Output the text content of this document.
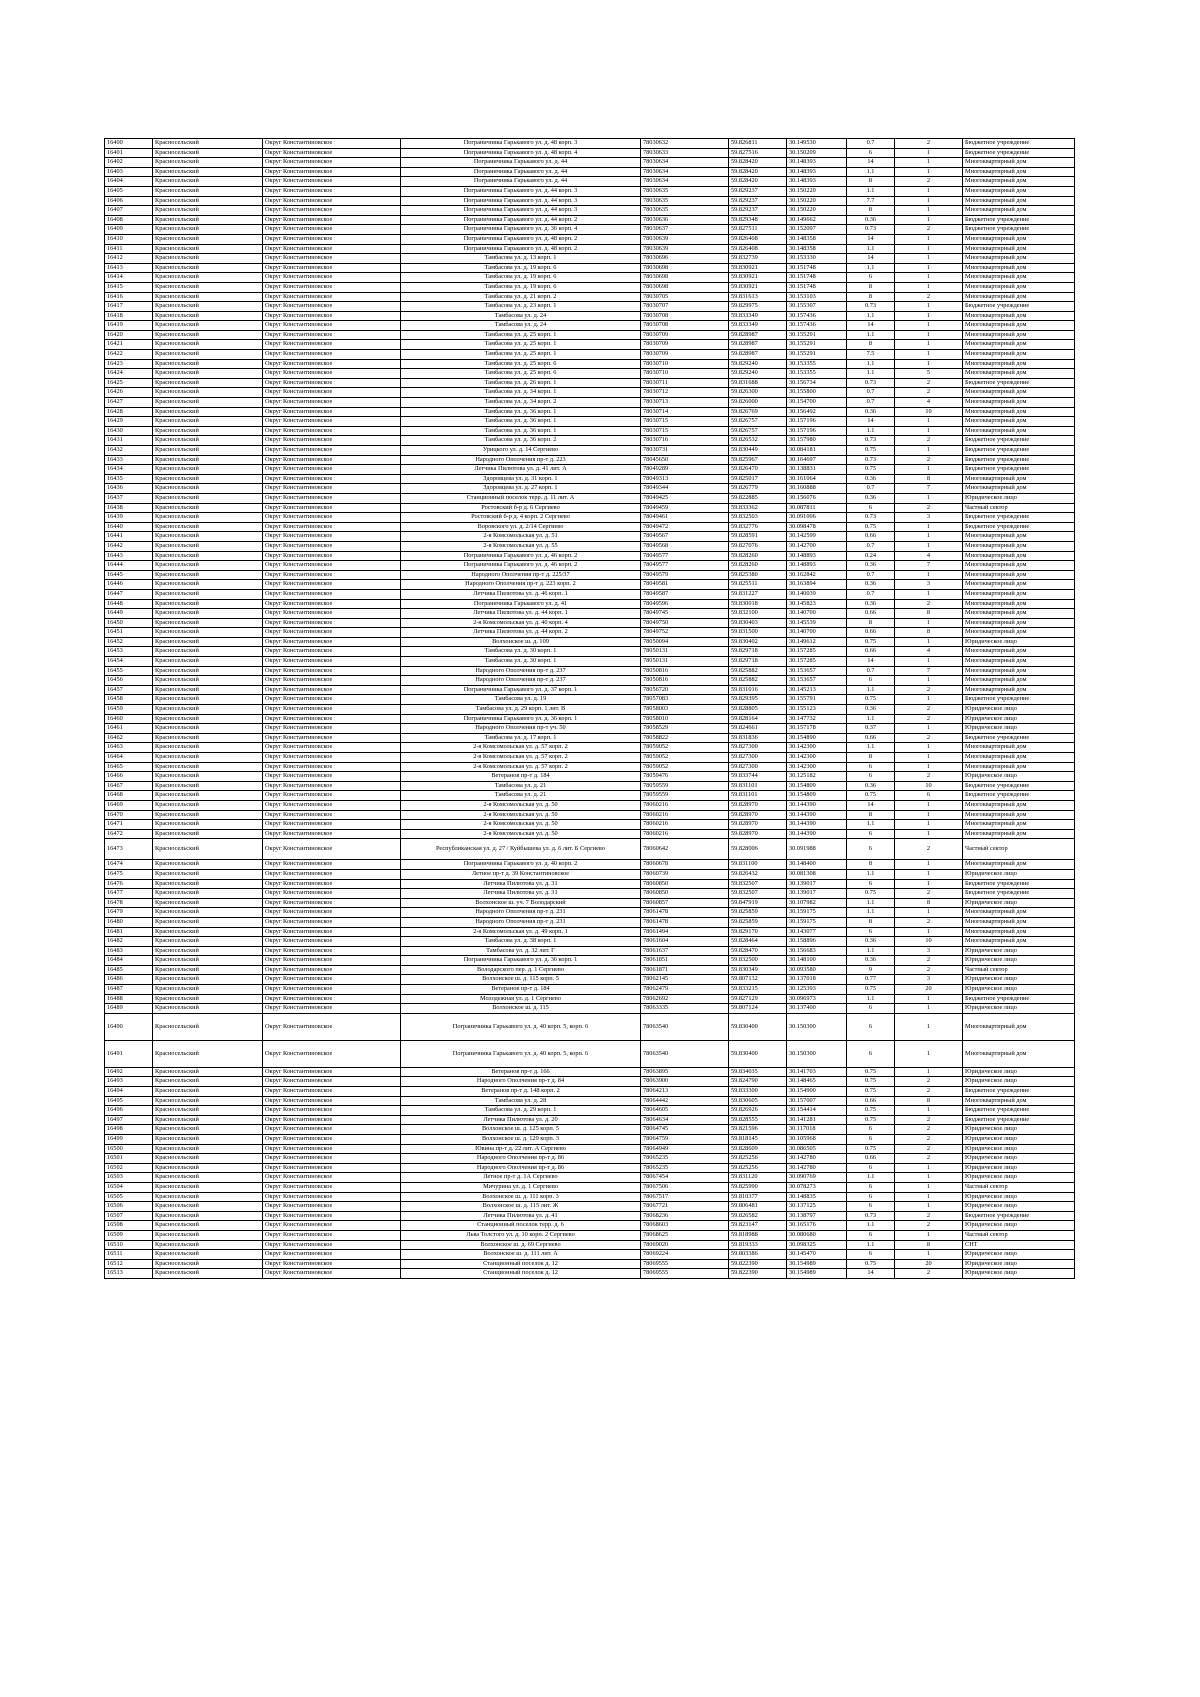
16400	Красносельский	Округ Константиновское	Пограничника Гарькавого ул. д. 48 корп. 3	78030632	59.826811	30.149530	0.7	2	Бюджетное учреждение
16401	Красносельский	Округ Константиновское	Пограничника Гарькавого ул. д. 48 корп. 4	78030633	59.827516	30.150209	6	1	Бюджетное учреждение
16402	Красносельский	Округ Константиновское	Пограничника Гарькавого ул. д. 44	78030634	59.828420	30.148393	14	1	Многоквартирный дом
16403	Красносельский	Округ Константиновское	Пограничника Гарькавого ул. д. 44	78030634	59.828420	30.148393	1.1	1	Многоквартирный дом
16404	Красносельский	Округ Константиновское	Пограничника Гарькавого ул. д. 44	78030634	59.828420	30.148393	8	2	Многоквартирный дом
16405	Красносельский	Округ Константиновское	Пограничника Гарькавого ул. д. 44 корп. 3	78030635	59.829237	30.150220	1.1	1	Многоквартирный дом
16406	Красносельский	Округ Константиновское	Пограничника Гарькавого ул. д. 44 корп. 3	78030635	59.829237	30.150220	7.7	1	Многоквартирный дом
16407	Красносельский	Округ Константиновское	Пограничника Гарькавого ул. д. 44 корп. 3	78030635	59.829237	30.150220	8	1	Многоквартирный дом
16408	Красносельский	Округ Константиновское	Пограничника Гарькавого ул. д. 44 корп. 2	78030636	59.829348	30.149662	0.36	1	Бюджетное учреждение
16409	Красносельский	Округ Константиновское	Пограничника Гарькавого ул. д. 36 корп. 4	78030637	59.827511	30.152097	0.73	2	Бюджетное учреждение
16410	Красносельский	Округ Константиновское	Пограничника Гарькавого ул. д. 48 корп. 2	78030639	59.826408	30.148358	14	1	Многоквартирный дом
16411	Красносельский	Округ Константиновское	Пограничника Гарькавого ул. д. 48 корп. 2	78030639	59.826408	30.148358	1.1	1	Многоквартирный дом
16412	Красносельский	Округ Константиновское	Тамбасова ул. д. 13 корп. 1	78030696	59.832739	30.153330	14	1	Многоквартирный дом
16413	Красносельский	Округ Константиновское	Тамбасова ул. д. 19 корп. 6	78030698	59.830921	30.151748	1.1	1	Многоквартирный дом
16414	Красносельский	Округ Константиновское	Тамбасова ул. д. 19 корп. 6	78030698	59.830921	30.151748	6	1	Многоквартирный дом
16415	Красносельский	Округ Константиновское	Тамбасова ул. д. 19 корп. 6	78030698	59.830921	30.151748	8	1	Многоквартирный дом
16416	Красносельский	Округ Константиновское	Тамбасова ул. д. 21 корп. 2	78030705	59.831613	30.153103	8	2	Многоквартирный дом
16417	Красносельский	Округ Константиновское	Тамбасова ул. д. 23 корп. 1	78030707	59.829975	30.155307	0.73	1	Бюджетное учреждение
16418	Красносельский	Округ Константиновское	Тамбасова ул. д. 24	78030708	59.833349	30.157436	1.1	1	Многоквартирный дом
16419	Красносельский	Округ Константиновское	Тамбасова ул. д. 24	78030708	59.833349	30.157436	14	1	Многоквартирный дом
16420	Красносельский	Округ Константиновское	Тамбасова ул. д. 25 корп. 1	78030709	59.828987	30.155291	1.1	1	Многоквартирный дом
16421	Красносельский	Округ Константиновское	Тамбасова ул. д. 25 корп. 1	78030709	59.828987	30.155291	8	1	Многоквартирный дом
16422	Красносельский	Округ Константиновское	Тамбасова ул. д. 25 корп. 1	78030709	59.828987	30.155291	7.5	1	Многоквартирный дом
16423	Красносельский	Округ Константиновское	Тамбасова ул. д. 25 корп. 6	78030710	59.829240	30.153355	1.1	1	Многоквартирный дом
16424	Красносельский	Округ Константиновское	Тамбасова ул. д. 25 корп. 6	78030710	59.829240	30.153355	1.1	5	Многоквартирный дом
16425	Красносельский	Округ Константиновское	Тамбасова ул. д. 26 корп. 1	78030711	59.831688	30.156734	0.73	2	Бюджетное учреждение
16426	Красносельский	Округ Константиновское	Тамбасова ул. д. 34 корп. 1	78030712	59.826300	30.155800	0.7	2	Многоквартирный дом
16427	Красносельский	Округ Константиновское	Тамбасова ул. д. 34 корп. 2	78030713	59.826000	30.154700	0.7	4	Многоквартирный дом
16428	Красносельский	Округ Константиновское	Тамбасова ул. д. 36 корп. 1	78030714	59.826769	30.156492	0.36	10	Многоквартирный дом
16429	Красносельский	Округ Константиновское	Тамбасова ул. д. 36 корп. 1	78030715	59.826757	30.157196	14	1	Многоквартирный дом
16430	Красносельский	Округ Константиновское	Тамбасова ул. д. 36 корп. 1	78030715	59.826757	30.157196	1.1	1	Многоквартирный дом
16431	Красносельский	Округ Константиновское	Тамбасова ул. д. 36 корп. 2	78030716	59.826532	30.157980	0.73	2	Бюджетное учреждение
16432	Красносельский	Округ Константиновское	Урицкого ул. д. 14 Сергиево	78030731	59.830449	30.084181	0.75	1	Бюджетное учреждение
16433	Красносельский	Округ Константиновское	Народного Ополчения пр-т д. 223	78045650	59.825967	30.164697	0.73	2	Бюджетное учреждение
16434	Красносельский	Округ Константиновское	Летчика Пилютова ул. д. 41 лит. А	78049289	59.826470	30.138831	0.75	1	Бюджетное учреждение
16435	Красносельский	Округ Константиновское	Здоровцева ул. д. 31 корп. 1	78049313	59.825017	30.161064	0.36	8	Многоквартирный дом
16436	Красносельский	Округ Константиновское	Здоровцева ул. д. 27 корп. 1	78049344	59.826779	30.160888	0.7	7	Многоквартирный дом
16437	Красносельский	Округ Константиновское	Станционный поселок терр. д. 11 лит. А	78049425	59.822885	30.156076	0.36	1	Юридическое лицо
16438	Красносельский	Округ Константиновское	Ростовский б-р д. 6 Сергиево	78049459	59.833362	30.087811	6	2	Частный сектор
16439	Красносельский	Округ Константиновское	Ростовский б-р д. 4 корп. 2 Сергиево	78049461	59.832503	30.091006	0.73	3	Бюджетное учреждение
16440	Красносельский	Округ Константиновское	Воровского ул. д. 2/14 Сергиево	78049472	59.832776	30.098478	0.75	1	Бюджетное учреждение
16441	Красносельский	Округ Константиновское	2-я Комсомольская ул. д. 51	78049567	59.828591	30.142599	0.66	1	Многоквартирный дом
16442	Красносельский	Округ Константиновское	2-я Комсомольская ул. д. 55	78049568	59.827076	30.142700	0.7	1	Многоквартирный дом
16443	Красносельский	Округ Константиновское	Пограничника Гарькавого ул. д. 46 корп. 2	78049577	59.828260	30.148893	0.24	4	Многоквартирный дом
16444	Красносельский	Округ Константиновское	Пограничника Гарькавого ул. д. 46 корп. 2	78049577	59.828260	30.148893	0.36	7	Многоквартирный дом
16445	Красносельский	Округ Константиновское	Народного Ополчения пр-т д. 225/37	78049579	59.825380	30.162842	0.7	1	Многоквартирный дом
16446	Красносельский	Округ Константиновское	Народного Ополчения пр-т д. 223 корп. 2	78049581	59.825511	30.163894	0.36	3	Многоквартирный дом
16447	Красносельский	Округ Константиновское	Летчика Пилютова ул. д. 46 корп. 1	78049587	59.831227	30.140039	0.7	1	Многоквартирный дом
16448	Красносельский	Округ Константиновское	Пограничника Гарькавого ул. д. 41	78049596	59.830018	30.145823	0.36	2	Многоквартирный дом
16449	Красносельский	Округ Константиновское	Летчика Пилютова ул. д. 44 корп. 1	78049745	59.832100	30.140700	0.66	8	Многоквартирный дом
16450	Красносельский	Округ Константиновское	2-я Комсомольская ул. д. 40 корп. 4	78049750	59.830403	30.145539	8	1	Многоквартирный дом
16451	Красносельский	Округ Константиновское	Летчика Пилютова ул. д. 44 корп. 2	78049752	59.831500	30.140700	0.66	8	Многоквартирный дом
16452	Красносельский	Округ Константиновское	Волхонское ш. д. 109	78050094	59.830402	30.149612	0.75	1	Юридическое лицо
16453	Красносельский	Округ Константиновское	Тамбасова ул. д. 30 корп. 1	78050131	59.829718	30.157285	0.66	4	Многоквартирный дом
16454	Красносельский	Округ Константиновское	Тамбасова ул. д. 30 корп. 1	78050131	59.829718	30.157285	14	1	Многоквартирный дом
16455	Красносельский	Округ Константиновское	Народного Ополчения пр-т д. 237	78050816	59.825882	30.153657	0.7	7	Многоквартирный дом
16456	Красносельский	Округ Константиновское	Народного Ополчения пр-т д. 237	78050816	59.825882	30.153657	6	1	Многоквартирный дом
16457	Красносельский	Округ Константиновское	Пограничника Гарькавого ул. д. 37 корп. 1	78056720	59.831016	30.145213	1.1	2	Многоквартирный дом
16458	Красносельский	Округ Константиновское	Тамбасова ул. д. 19	78057083	59.829395	30.155791	0.75	1	Бюджетное учреждение
16459	Красносельский	Округ Константиновское	Тамбасова ул. д. 29 корп. 1 лит. В	78058003	59.828805	30.155123	0.36	2	Юридическое лицо
16460	Красносельский	Округ Константиновское	Пограничника Гарькавого ул. д. 36 корп. 1	78058010	59.828164	30.147732	1.1	2	Юридическое лицо
16461	Красносельский	Округ Константиновское	Народного Ополчения пр-т уч. 50	78058529	59.824661	30.157178	0.37	1	Юридическое лицо
16462	Красносельский	Округ Константиновское	Тамбасова ул. д. 17 корп. 1	78058822	59.831836	30.154890	0.66	2	Бюджетное учреждение
16463	Красносельский	Округ Константиновское	2-я Комсомольская ул. д. 57 корп. 2	78059052	59.827300	30.142300	1.1	1	Многоквартирный дом
16464	Красносельский	Округ Константиновское	2-я Комсомольская ул. д. 57 корп. 2	78059052	59.827300	30.142300	8	1	Многоквартирный дом
16465	Красносельский	Округ Константиновское	2-я Комсомольская ул. д. 57 корп. 2	78059052	59.827300	30.142300	6	1	Многоквартирный дом
16466	Красносельский	Округ Константиновское	Ветеранов пр-т д. 184	78059476	59.833744	30.125182	6	2	Юридическое лицо
16467	Красносельский	Округ Константиновское	Тамбасова ул. д. 21	78059559	59.831101	30.154809	0.36	10	Бюджетное учреждение
16468	Красносельский	Округ Константиновское	Тамбасова ул. д. 21	78059559	59.831101	30.154809	0.75	6	Бюджетное учреждение
16469	Красносельский	Округ Константиновское	2-я Комсомольская ул. д. 50	78060216	59.828970	30.144390	14	1	Многоквартирный дом
16470	Красносельский	Округ Константиновское	2-я Комсомольская ул. д. 50	78060216	59.828970	30.144390	8	1	Многоквартирный дом
16471	Красносельский	Округ Константиновское	2-я Комсомольская ул. д. 50	78060216	59.828970	30.144390	1.1	1	Многоквартирный дом
16472	Красносельский	Округ Константиновское	2-я Комсомольская ул. д. 50	78060216	59.828970	30.144390	6	1	Многоквартирный дом
16473	Красносельский	Округ Константиновское	Республиканская ул. д. 27 / Куйбышева ул. д. 6 лит. Б Сергиево	78060642	59.828006	30.091988	6	2	Частный сектор
16474	Красносельский	Округ Константиновское	Пограничника Гарькавого ул. д. 40 корп. 2	78060678	59.831100	30.148400	8	1	Многоквартирный дом
16475	Красносельский	Округ Константиновское	Летное пр-т д. 39 Константиновское	78060739	59.826432	30.081308	1.1	1	Юридическое лицо
16476	Красносельский	Округ Константиновское	Летчика Пилютова ул. д. 31	78060850	59.832507	30.139017	6	1	Бюджетное учреждение
16477	Красносельский	Округ Константиновское	Летчика Пилютова ул. д. 31	78060850	59.832507	30.139017	0.75	2	Бюджетное учреждение
16478	Красносельский	Округ Константиновское	Волхонское ш. уч. 7 Володарский	78060857	59.847919	30.107982	1.1	8	Юридическое лицо
16479	Красносельский	Округ Константиновское	Народного Ополчения пр-т д. 231	78061478	59.825859	30.159175	1.1	1	Многоквартирный дом
16480	Красносельский	Округ Константиновское	Народного Ополчения пр-т д. 231	78061478	59.825859	30.159175	8	2	Многоквартирный дом
16481	Красносельский	Округ Константиновское	2-я Комсомольская ул. д. 49 корп. 1	78061494	59.829170	30.143077	6	1	Многоквартирный дом
16482	Красносельский	Округ Константиновское	Тамбасова ул. д. 38 корп. 1	78061604	59.828464	30.158896	0.36	10	Многоквартирный дом
16483	Красносельский	Округ Константиновское	Тамбасова ул. д. 32 лит. Г	78061637	59.828470	30.156683	1.1	3	Юридическое лицо
16484	Красносельский	Округ Константиновское	Пограничника Гарькавого ул. д. 36 корп. 1	78061851	59.832500	30.148100	0.36	2	Юридическое лицо
16485	Красносельский	Округ Константиновское	Володарского пер. д. 1 Сергиево	78061871	59.830349	30.093580	9	2	Частный сектор
16486	Красносельский	Округ Константиновское	Волхонское ш. д. 115 корп. 5	78062145	59.807132	30.137018	0.77	3	Юридическое лицо
16487	Красносельский	Округ Константиновское	Ветеранов пр-т д. 184	78062479	59.833215	30.125393	0.75	20	Юридическое лицо
16488	Красносельский	Округ Константиновское	Молодежная ул. д. 1 Сергиево	78062692	59.827129	30.096973	1.1	1	Бюджетное учреждение
16489	Красносельский	Округ Константиновское	Волхонское ш. д. 115	78063335	59.807124	30.137400	6	1	Юридическое лицо
16490	Красносельский	Округ Константиновское	Пограничника Гарькавого ул. д. 40 корп. 5, корп. 6	78063540	59.830400	30.150300	6	1	Многоквартирный дом
16491	Красносельский	Округ Константиновское	Пограничника Гарькавого ул. д. 40 корп. 5, корп. 6	78063540	59.830400	30.150300	6	1	Многоквартирный дом
16492	Красносельский	Округ Константиновское	Ветеранов пр-т д. 166	78063895	59.834035	30.141703	0.75	1	Юридическое лицо
16493	Красносельский	Округ Константиновское	Народного Ополчения пр-т д. 84	78063900	59.824790	30.148465	0.75	2	Юридическое лицо
16494	Красносельский	Округ Константиновское	Ветеранов пр-т д. 148 корп. 2	78064213	59.833300	30.154900	0.75	2	Бюджетное учреждение
16495	Красносельский	Округ Константиновское	Тамбасова ул. д. 28	78064442	59.830605	30.157007	0.66	8	Многоквартирный дом
16496	Красносельский	Округ Константиновское	Тамбасова ул. д. 29 корп. 1	78064605	59.826926	30.154414	0.75	1	Бюджетное учреждение
16497	Красносельский	Округ Константиновское	Летчика Пилютова ул. д. 20	78064634	59.828555	30.141281	0.75	2	Бюджетное учреждение
16498	Красносельский	Округ Константиновское	Волхонское ш. д. 125 корп. 5	78064745	59.821596	30.117018	6	2	Юридическое лицо
16499	Красносельский	Округ Константиновское	Волхонское ш. д. 129 корп. 3	78064759	59.818145	30.105968	6	2	Юридическое лицо
16500	Красносельский	Округ Константиновское	Ювина пр-т д. 22 лит. А Сергиево	78064949	59.828609	30.086505	0.75	2	Юридическое лицо
16501	Красносельский	Округ Константиновское	Народного Ополчения пр-т д. 86	78065235	59.825256	30.142780	0.66	2	Юридическое лицо
16502	Красносельский	Округ Константиновское	Народного Ополчения пр-т д. 86	78065235	59.825256	30.142780	6	1	Юридическое лицо
16503	Красносельский	Округ Константиновское	Летное пр-т д. 1А Сергиево	78067454	59.831120	30.090769	1.1	1	Юридическое лицо
16504	Красносельский	Округ Константиновское	Мичурина ул. д. 1 Сергиево	78067506	59.825990	30.078273	6	1	Частный сектор
16505	Красносельский	Округ Константиновское	Волхонское ш. д. 111 корп. 3	78067517	59.810377	30.148835	6	1	Юридическое лицо
16506	Красносельский	Округ Константиновское	Волхонское ш. д. 115 лит. Ж	78067721	59.806481	30.137125	6	1	Юридическое лицо
16507	Красносельский	Округ Константиновское	Летчика Пилютова ул. д. 41	78068236	59.826582	30.138797	0.73	2	Бюджетное учреждение
16508	Красносельский	Округ Константиновское	Станционный поселок терр. д. 6	78068603	59.823147	30.165176	1.1	2	Юридическое лицо
16509	Красносельский	Округ Константиновское	Льва Толстого ул. д. 10 корп. 2 Сергиево	78068625	59.818988	30.080680	6	1	Частный сектор
16510	Красносельский	Округ Константиновское	Волхонское ш. д. 69 Сергиево	78069020	59.819333	30.098325	1.1	8	СНТ
16511	Красносельский	Округ Константиновское	Волхонское ш. д. 111 лит. А	78069224	59.803386	30.145470	6	1	Юридическое лицо
16512	Красносельский	Округ Константиновское	Станционный поселок д. 12	78069555	59.822390	30.154989	0.75	20	Юридическое лицо
16513	Красносельский	Округ Константиновское	Станционный поселок д. 12	78069555	59.822390	30.154989	14	2	Юридическое лицо
